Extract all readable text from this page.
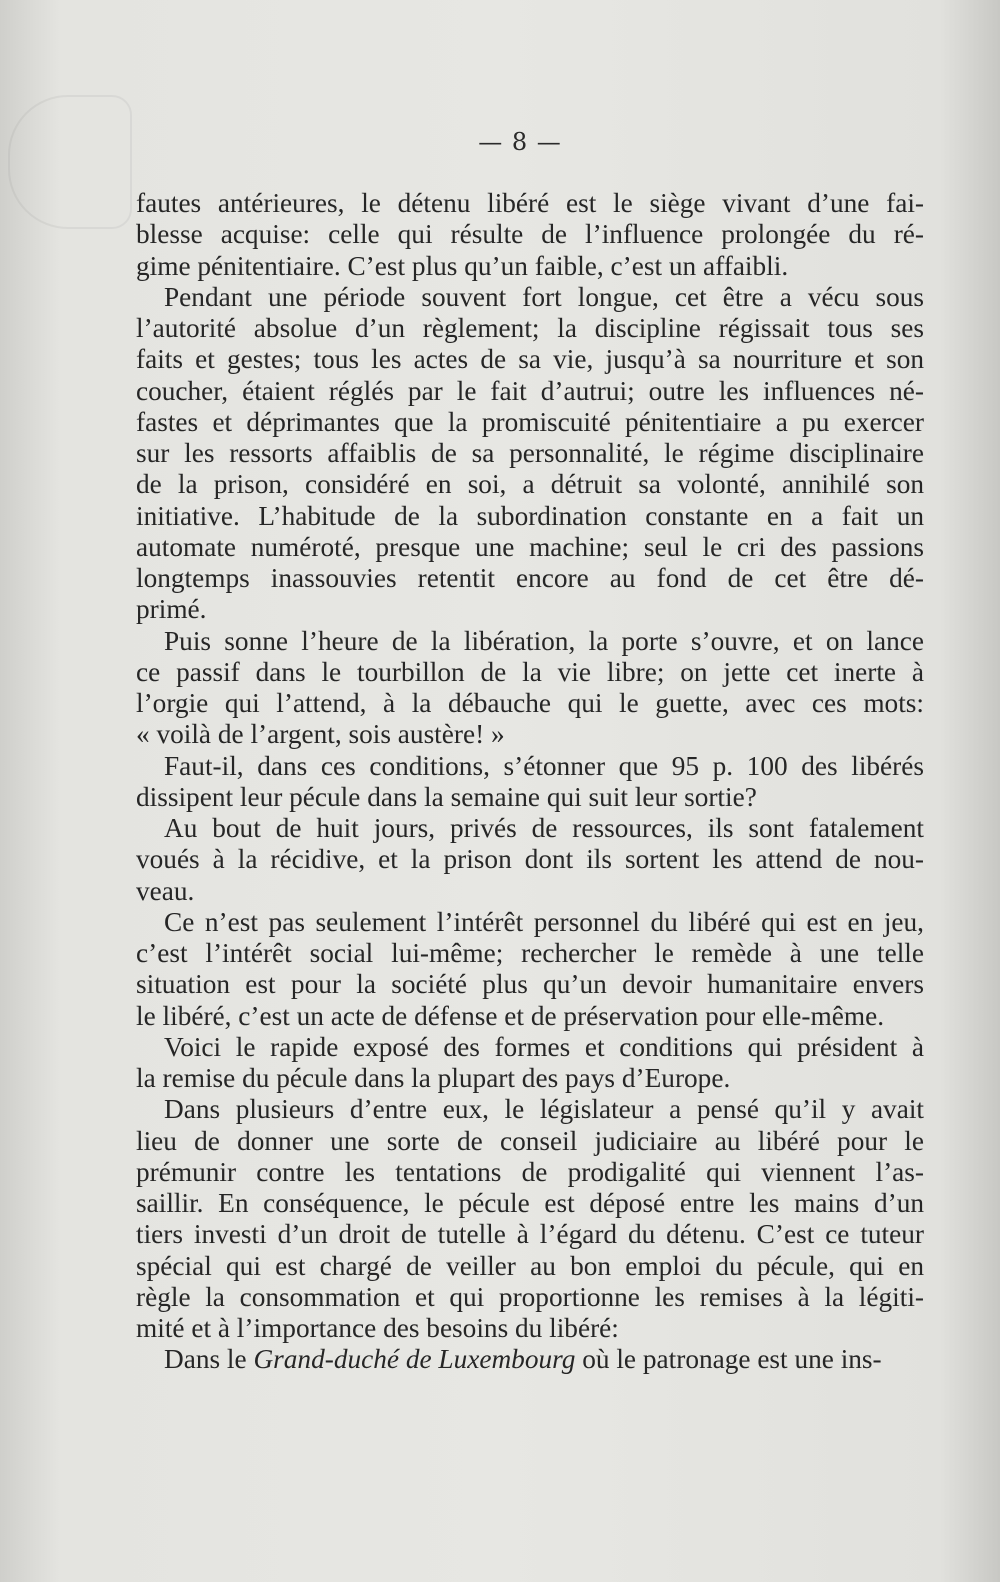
— 8 —
fautes antérieures, le détenu libéré est le siège vivant d’une fai-
blesse acquise: celle qui résulte de l’influence prolongée du ré-
gime pénitentiaire. C’est plus qu’un faible, c’est un affaibli.
Pendant une période souvent fort longue, cet être a vécu sous
l’autorité absolue d’un règlement; la discipline régissait tous ses
faits et gestes; tous les actes de sa vie, jusqu’à sa nourriture et son
coucher, étaient réglés par le fait d’autrui; outre les influences né-
fastes et déprimantes que la promiscuité pénitentiaire a pu exercer
sur les ressorts affaiblis de sa personnalité, le régime disciplinaire
de la prison, considéré en soi, a détruit sa volonté, annihilé son
initiative. L’habitude de la subordination constante en a fait un
automate numéroté, presque une machine; seul le cri des passions
longtemps inassouvies retentit encore au fond de cet être dé-
primé.
Puis sonne l’heure de la libération, la porte s’ouvre, et on lance
ce passif dans le tourbillon de la vie libre; on jette cet inerte à
l’orgie qui l’attend, à la débauche qui le guette, avec ces mots:
« voilà de l’argent, sois austère! »
Faut-il, dans ces conditions, s’étonner que 95 p. 100 des libérés
dissipent leur pécule dans la semaine qui suit leur sortie?
Au bout de huit jours, privés de ressources, ils sont fatalement
voués à la récidive, et la prison dont ils sortent les attend de nou-
veau.
Ce n’est pas seulement l’intérêt personnel du libéré qui est en jeu,
c’est l’intérêt social lui-même; rechercher le remède à une telle
situation est pour la société plus qu’un devoir humanitaire envers
le libéré, c’est un acte de défense et de préservation pour elle-même.
Voici le rapide exposé des formes et conditions qui président à
la remise du pécule dans la plupart des pays d’Europe.
Dans plusieurs d’entre eux, le législateur a pensé qu’il y avait
lieu de donner une sorte de conseil judiciaire au libéré pour le
prémunir contre les tentations de prodigalité qui viennent l’as-
saillir. En conséquence, le pécule est déposé entre les mains d’un
tiers investi d’un droit de tutelle à l’égard du détenu. C’est ce tuteur
spécial qui est chargé de veiller au bon emploi du pécule, qui en
règle la consommation et qui proportionne les remises à la légiti-
mité et à l’importance des besoins du libéré:
Dans le Grand-duché de Luxembourg où le patronage est une ins-
